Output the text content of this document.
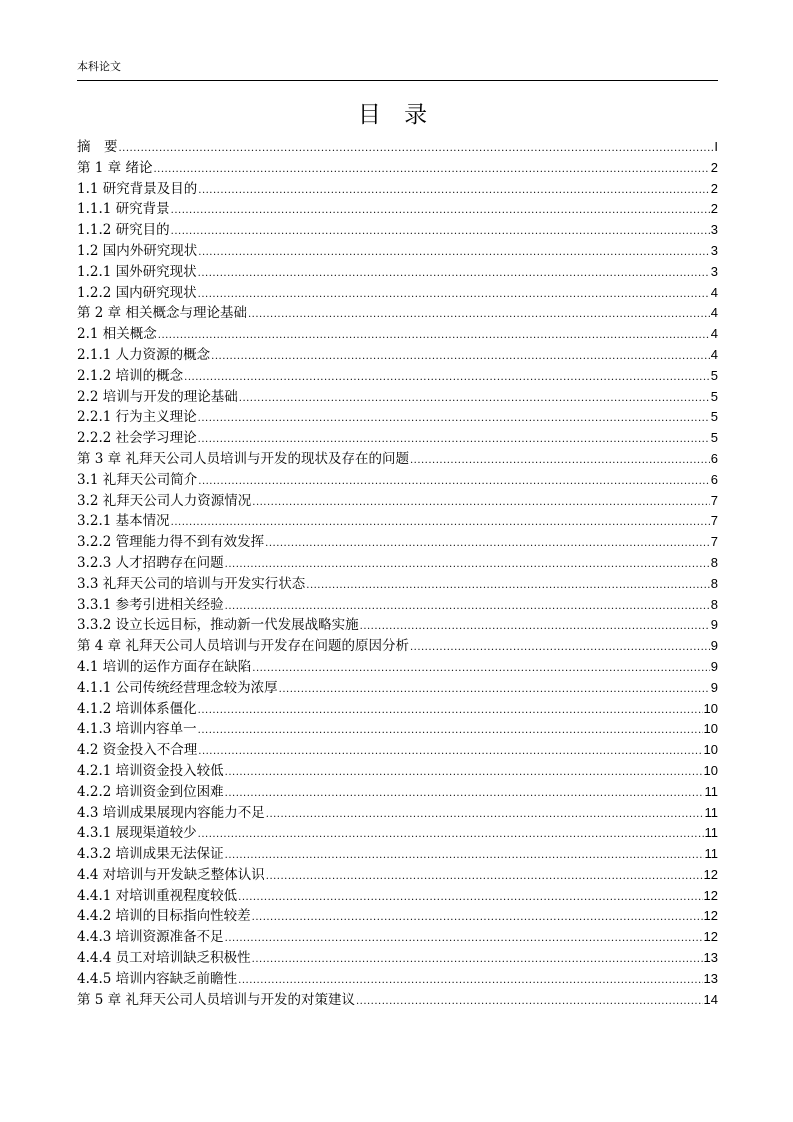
本科论文
目 录
摘　要 .....	I
第 1 章 绪论 .....	2
1.1 研究背景及目的 .....	2
1.1.1 研究背景 .....	2
1.1.2 研究目的 .....	3
1.2 国内外研究现状 .....	3
1.2.1 国外研究现状 .....	3
1.2.2 国内研究现状 .....	4
第 2 章 相关概念与理论基础 .....	4
2.1 相关概念 .....	4
2.1.1 人力资源的概念 .....	4
2.1.2 培训的概念 .....	5
2.2 培训与开发的理论基础 .....	5
2.2.1 行为主义理论 .....	5
2.2.2 社会学习理论 .....	5
第 3 章 礼拜天公司人员培训与开发的现状及存在的问题 .....	6
3.1 礼拜天公司简介 .....	6
3.2 礼拜天公司人力资源情况 .....	7
3.2.1 基本情况 .....	7
3.2.2 管理能力得不到有效发挥 .....	7
3.2.3 人才招聘存在问题 .....	8
3.3 礼拜天公司的培训与开发实行状态 .....	8
3.3.1 参考引进相关经验 .....	8
3.3.2 设立长远目标，推动新一代发展战略实施 .....	9
第 4 章 礼拜天公司人员培训与开发存在问题的原因分析 .....	9
4.1 培训的运作方面存在缺陷 .....	9
4.1.1 公司传统经营理念较为浓厚 .....	9
4.1.2 培训体系僵化 .....	10
4.1.3 培训内容单一 .....	10
4.2 资金投入不合理 .....	10
4.2.1 培训资金投入较低 .....	10
4.2.2 培训资金到位困难 .....	11
4.3 培训成果展现内容能力不足 .....	11
4.3.1 展现渠道较少 .....	11
4.3.2 培训成果无法保证 .....	11
4.4 对培训与开发缺乏整体认识 .....	12
4.4.1 对培训重视程度较低 .....	12
4.4.2 培训的目标指向性较差 .....	12
4.4.3 培训资源准备不足 .....	12
4.4.4 员工对培训缺乏积极性 .....	13
4.4.5 培训内容缺乏前瞻性 .....	13
第 5 章 礼拜天公司人员培训与开发的对策建议 .....	14
